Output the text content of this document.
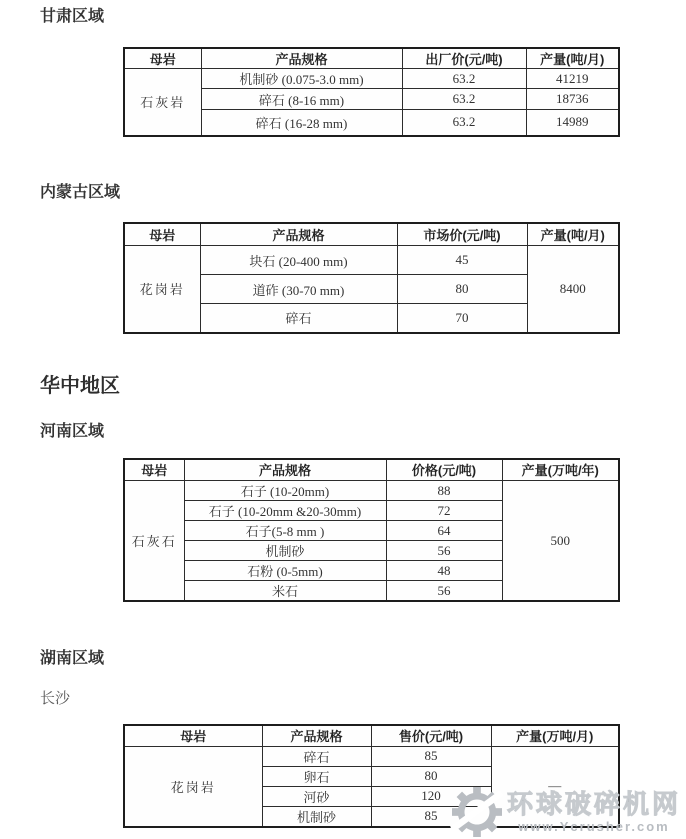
甘肃区域
母岩	产品规格	出厂价(元/吨)	产量(吨/月)
石灰岩	机制砂 (0.075-3.0 mm)	63.2	41219
	碎石 (8-16 mm)	63.2	18736
	碎石 (16-28 mm)	63.2	14989
内蒙古区域
母岩	产品规格	市场价(元/吨)	产量(吨/月)
花岗岩	块石 (20-400 mm)	45	8400
	道砟 (30-70 mm)	80	
	碎石	70	
华中地区
河南区域
母岩	产品规格	价格(元/吨)	产量(万吨/年)
石灰石	石子 (10-20mm)	88	500
	石子 (10-20mm &20-30mm)	72	
	石子(5-8 mm )	64	
	机制砂	56	
	石粉 (0-5mm)	48	
	米石	56	
湖南区域
长沙
母岩	产品规格	售价(元/吨)	产量(万吨/月)
花岗岩	碎石	85	—
	卵石	80	
	河砂	120	
	机制砂	85		环球破碎机网
www.Ycrusher.com
